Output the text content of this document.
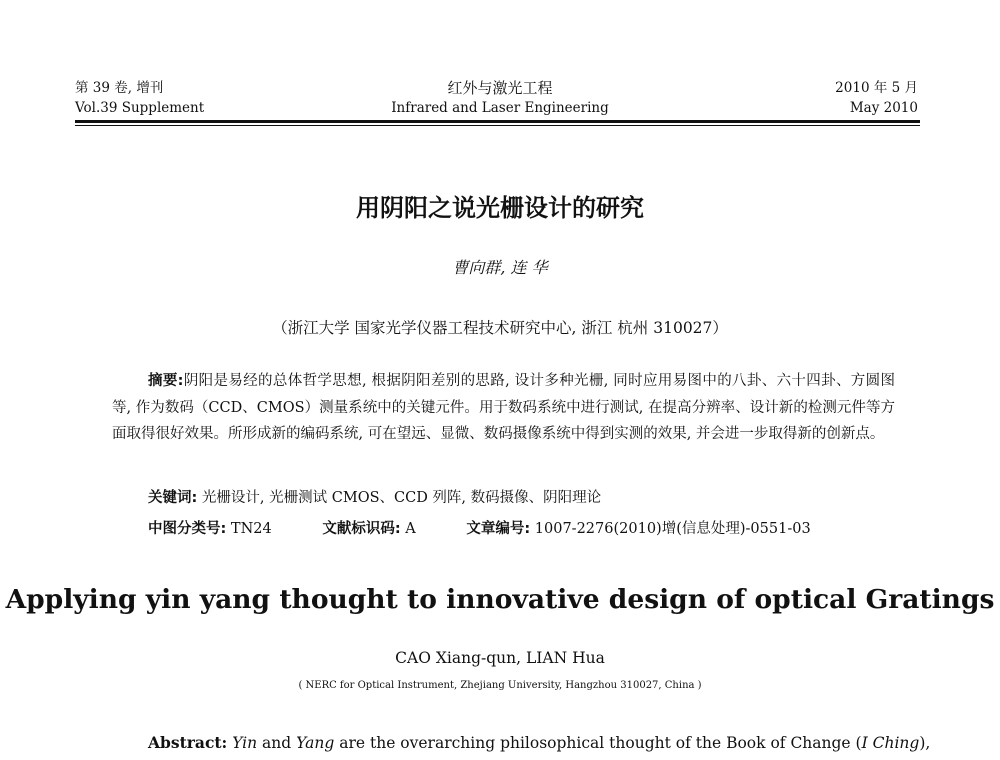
第 39 卷, 增刊
Vol.39 Supplement
红外与激光工程
Infrared and Laser Engineering
2010 年 5 月
May 2010
用阴阳之说光栅设计的研究
曹向群, 连 华
（浙江大学 国家光学仪器工程技术研究中心, 浙江 杭州 310027）
摘要:阴阳是易经的总体哲学思想, 根据阴阳差别的思路, 设计多种光栅, 同时应用易图中的八卦、六十四卦、方圆图等, 作为数码（CCD、CMOS）测量系统中的关键元件。用于数码系统中进行测试, 在提高分辨率、设计新的检测元件等方面取得很好效果。所形成新的编码系统, 可在望远、显微、数码摄像系统中得到实测的效果, 并会进一步取得新的创新点。
关键词: 光栅设计, 光栅测试 CMOS、CCD 列阵, 数码摄像、阴阳理论
中图分类号: TN24	文献标识码: A	文章编号: 1007-2276(2010)增(信息处理)-0551-03
Applying yin yang thought to innovative design of optical Gratings
CAO Xiang-qun, LIAN Hua
( NERC for Optical Instrument, Zhejiang University, Hangzhou 310027, China )
Abstract: Yin and Yang are the overarching philosophical thought of the Book of Change (I Ching),
